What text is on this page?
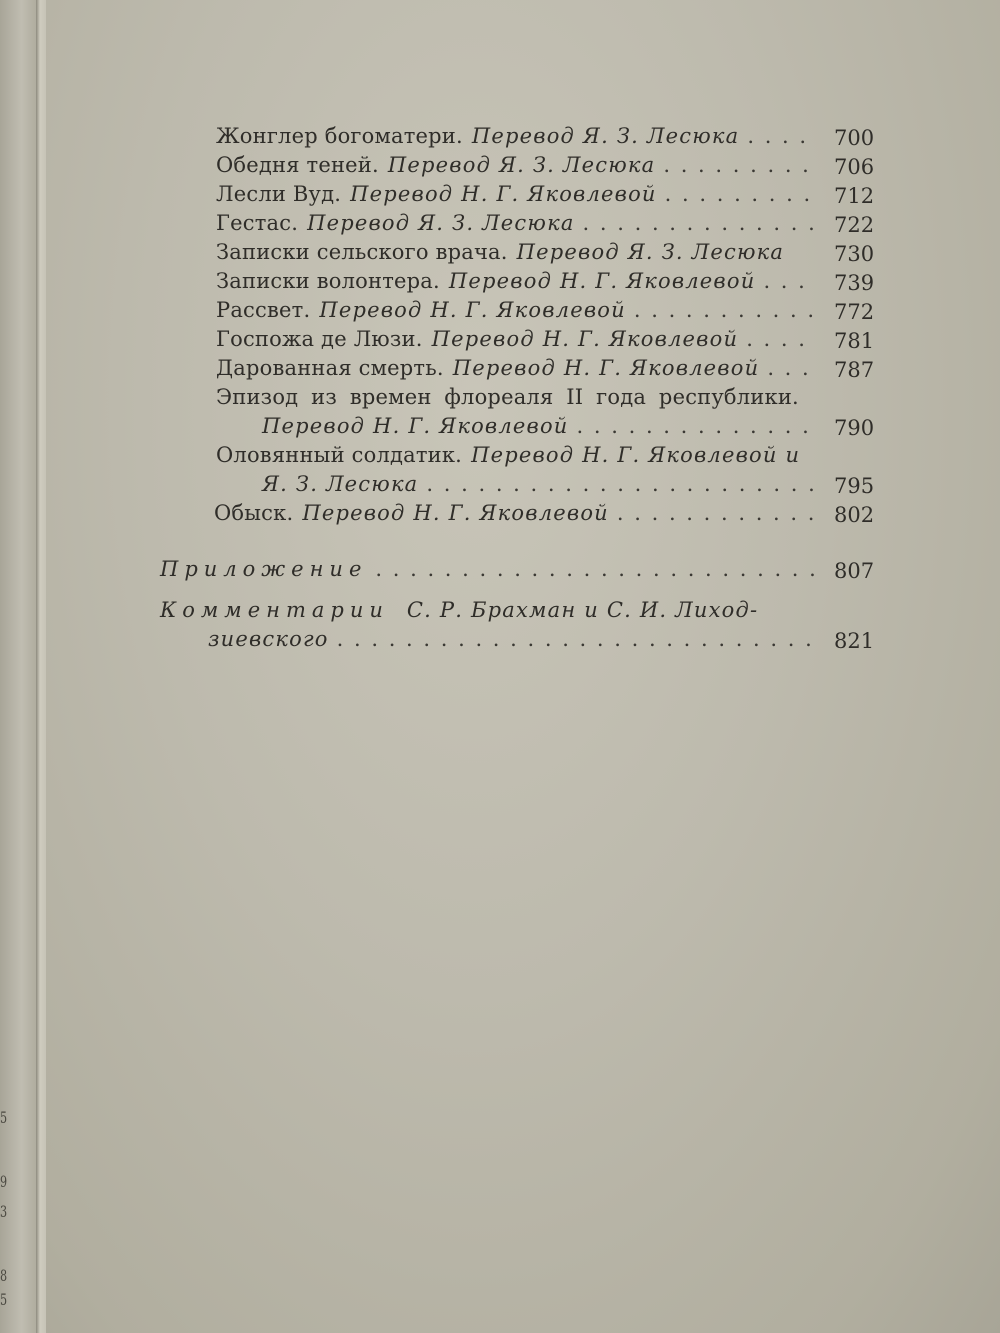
5
9
3
8
5
Жонглер богоматери. Перевод Я. З. Лесюка . . .	700
Обедня теней. Перевод Я. З. Лесюка . . .	706
Лесли Вуд. Перевод Н. Г. Яковлевой . . .	712
Гестас. Перевод Я. З. Лесюка . . .	722
Записки сельского врача. Перевод Я. З. Лесюка 730
Записки волонтера. Перевод Н. Г. Яковлевой . . .	739
Рассвет. Перевод Н. Г. Яковлевой . . .	772
Госпожа де Люзи. Перевод Н. Г. Яковлевой . . .	781
Дарованная смерть. Перевод Н. Г. Яковлевой . . .	787
Эпизод из времен флореаля II года республики.
Перевод Н. Г. Яковлевой . . .	790
Оловянный солдатик. Перевод Н. Г. Яковлевой и
Я. З. Лесюка . . .	795
Обыск. Перевод Н. Г. Яковлевой . . .	802
Приложение . . .	807
Комментарии С. Р. Брахман и С. И. Лиход-
зиевского . . .	821
